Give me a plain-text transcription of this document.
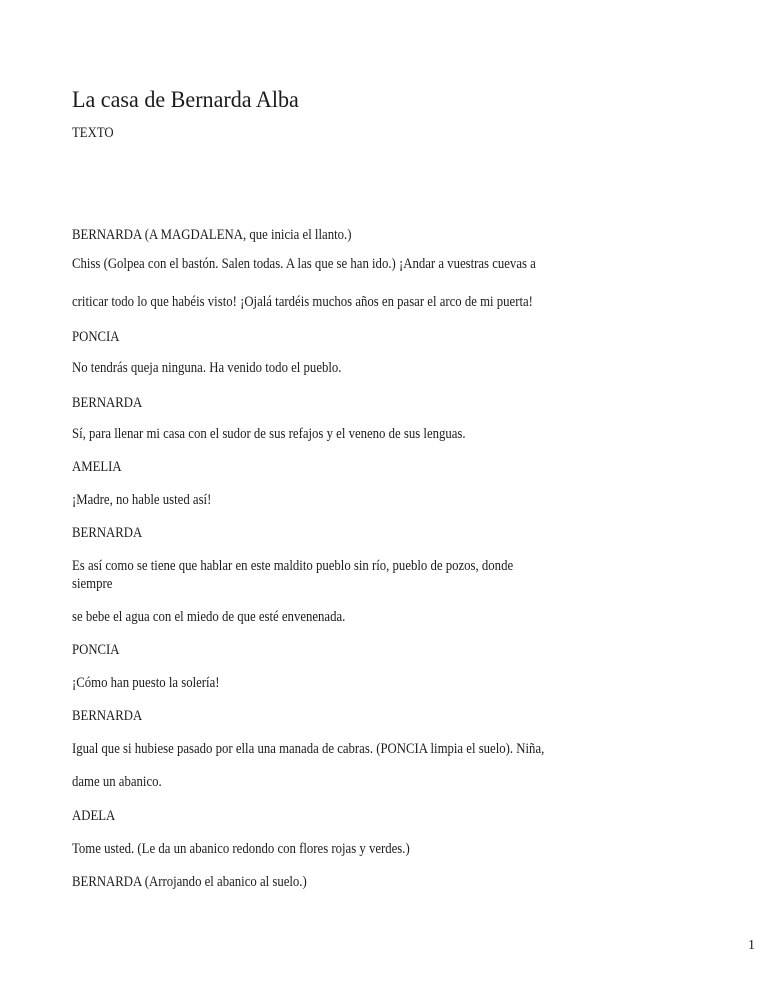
La casa de Bernarda Alba
TEXTO
BERNARDA (A MAGDALENA, que inicia el llanto.)
Chiss (Golpea con el bastón. Salen todas. A las que se han ido.) ¡Andar a vuestras cuevas a
criticar todo lo que habéis visto! ¡Ojalá tardéis muchos años en pasar el arco de mi puerta!
PONCIA
No tendrás queja ninguna. Ha venido todo el pueblo.
BERNARDA
Sí, para llenar mi casa con el sudor de sus refajos y el veneno de sus lenguas.
AMELIA
¡Madre, no hable usted así!
BERNARDA
Es así como se tiene que hablar en este maldito pueblo sin río, pueblo de pozos, donde
siempre
se bebe el agua con el miedo de que esté envenenada.
PONCIA
¡Cómo han puesto la solería!
BERNARDA
Igual que si hubiese pasado por ella una manada de cabras. (PONCIA limpia el suelo). Niña,
dame un abanico.
ADELA
Tome usted. (Le da un abanico redondo con flores rojas y verdes.)
BERNARDA (Arrojando el abanico al suelo.)
1
